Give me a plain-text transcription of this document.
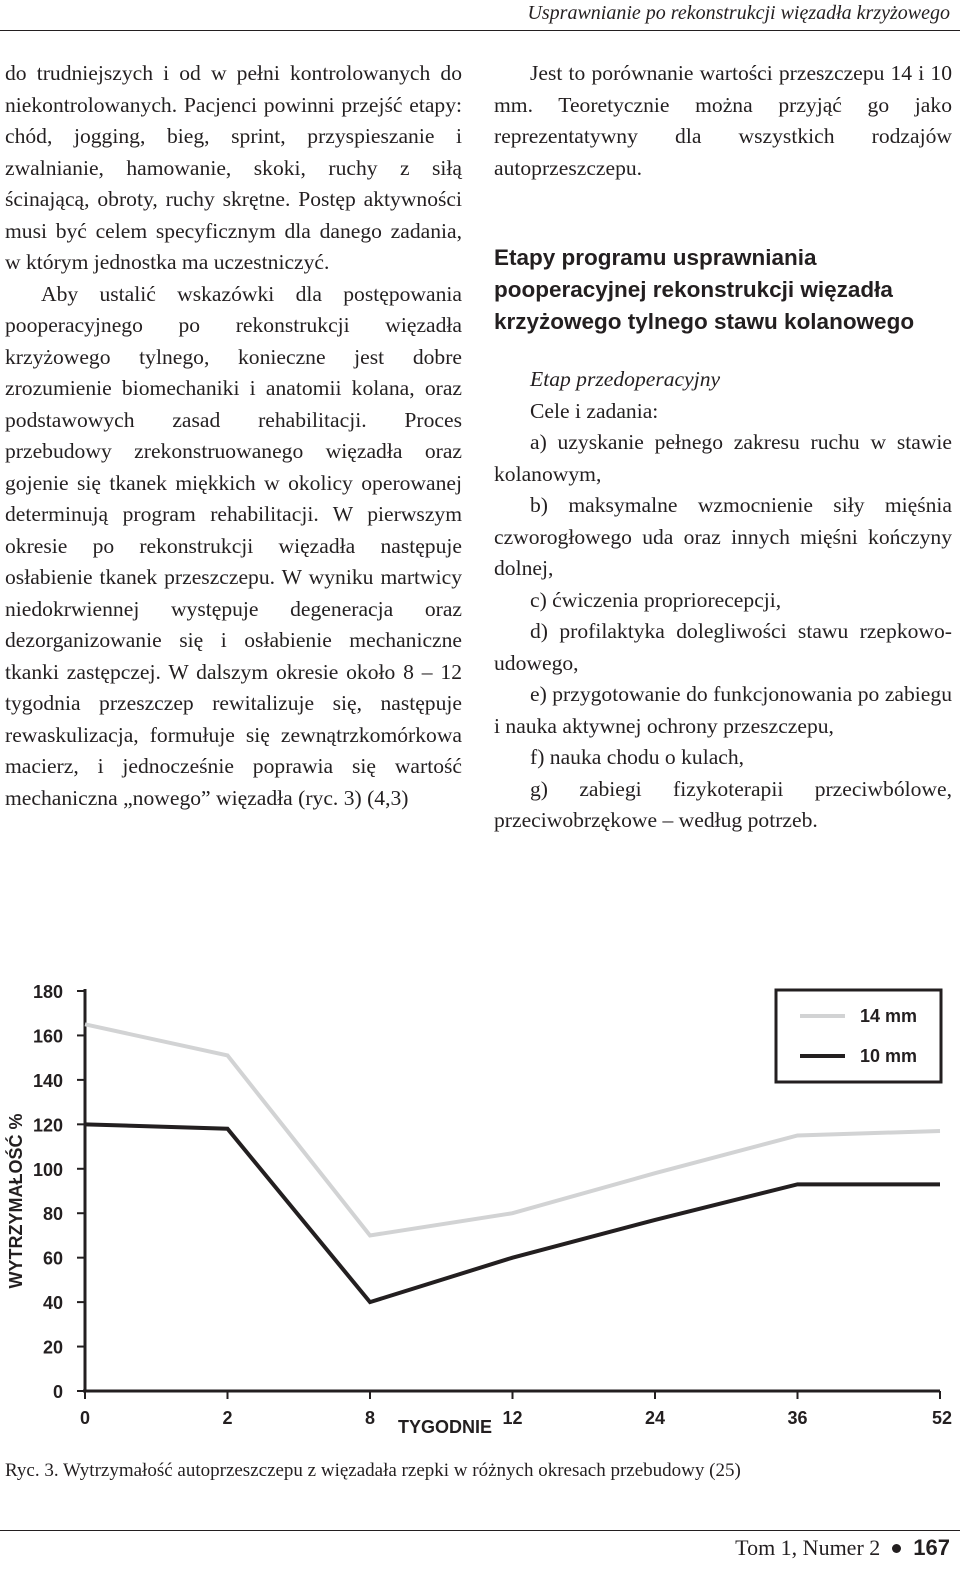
Usprawnianie po rekonstrukcji więzadła krzyżowego

do trudniejszych i od w pełni kontrolowanych do niekontrolowanych. Pacjenci powinni przejść etapy: chód, jogging, bieg, sprint, przyspieszanie i zwalnianie, hamowanie, skoki, ruchy z siłą ścinającą, obroty, ruchy skrętne. Postęp aktywności musi być celem specyficznym dla danego zadania, w którym jednostka ma uczestniczyć.

Aby ustalić wskazówki dla postępowania pooperacyjnego po rekonstrukcji więzadła krzyżowego tylnego, konieczne jest dobre zrozumienie biomechaniki i anatomii kolana, oraz podstawowych zasad rehabilitacji. Proces przebudowy zrekonstruowanego więzadła oraz gojenie się tkanek miękkich w okolicy operowanej determinują program rehabilitacji. W pierwszym okresie po rekonstrukcji więzadła następuje osłabienie tkanek przeszczepu. W wyniku martwicy niedokrwiennej występuje degeneracja oraz dezorganizowanie się i osłabienie mechaniczne tkanki zastępczej. W dalszym okresie około 8 – 12 tygodnia przeszczep rewitalizuje się, następuje rewaskulizacja, formułuje się zewnątrzkomórkowa macierz, i jednocześnie poprawia się wartość mechaniczna „nowego” więzadła (ryc. 3) (4,3)

Jest to porównanie wartości przeszczepu 14 i 10 mm. Teoretycznie można przyjąć go jako reprezentatywny dla wszystkich rodzajów autoprzeszczepu.

Etapy programu usprawniania pooperacyjnej rekonstrukcji więzadła krzyżowego tylnego stawu kolanowego

Etap przedoperacyjny

Cele i zadania:

a) uzyskanie pełnego zakresu ruchu w stawie kolanowym,

b) maksymalne wzmocnienie siły mięśnia czworogłowego uda oraz innych mięśni kończyny dolnej,

c) ćwiczenia propriorecepcji,

d) profilaktyka dolegliwości stawu rzepkowo-udowego,

e) przygotowanie do funkcjonowania po zabiegu i nauka aktywnej ochrony przeszczepu,

f) nauka chodu o kulach,

g) zabiegi fizykoterapii przeciwbólowe, przeciwobrzękowe – według potrzeb.

0
20
40
60
80
100
120
140
160
180
0	2	8	12	24	36	52
14 mm
10 mm
TYGODNIE
WYTRZYMAŁOŚĆ %
Ryc. 3. Wytrzymałość autoprzeszczepu z więzadała rzepki w różnych okresach przebudowy (25)
Tom 1, Numer 2 167
